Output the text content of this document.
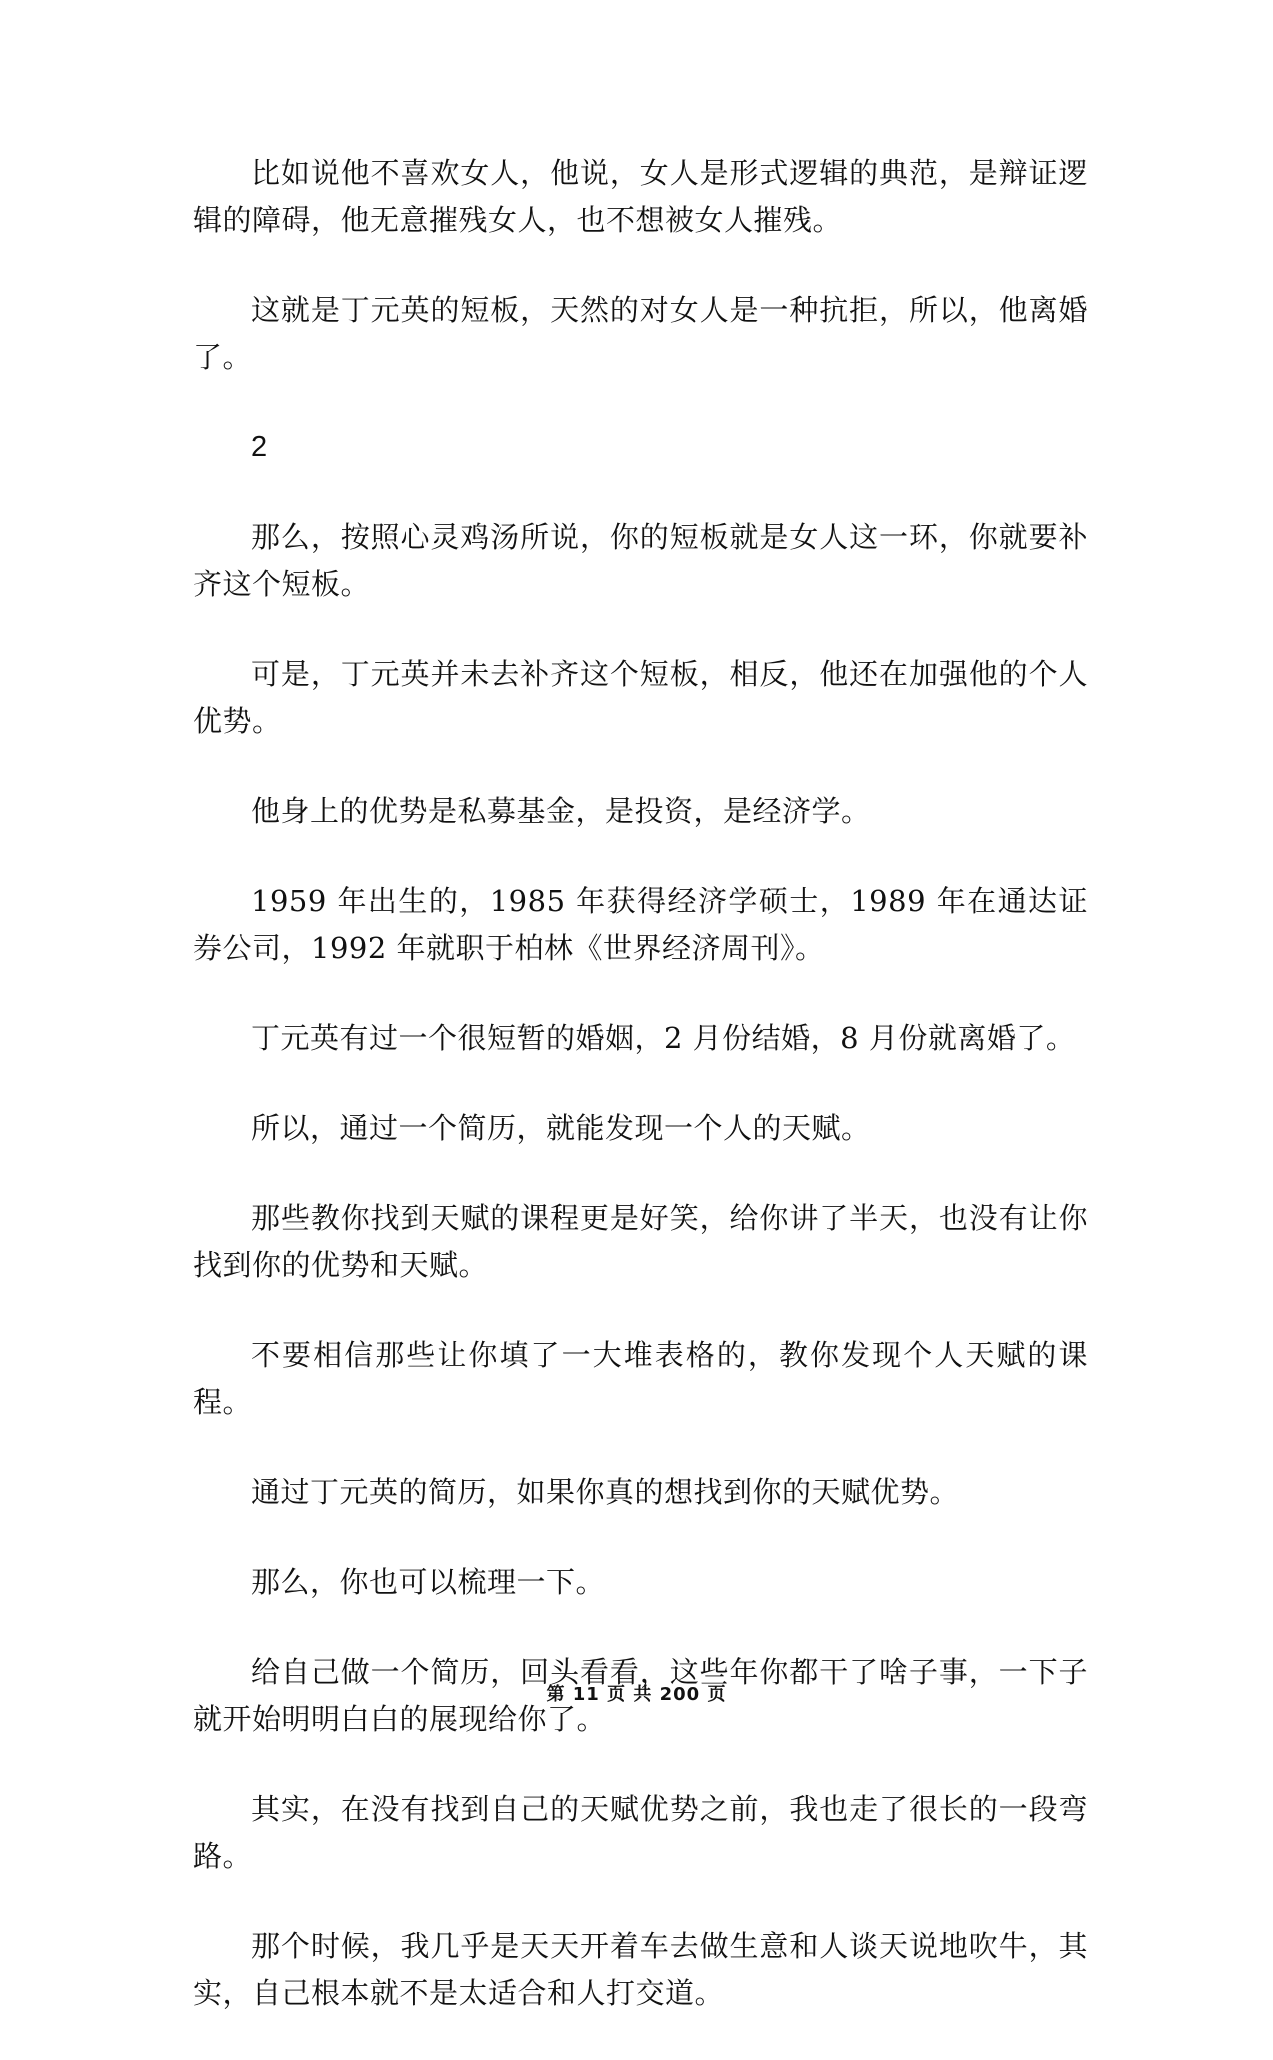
比如说他不喜欢女人，他说，女人是形式逻辑的典范，是辩证逻辑的障碍，他无意摧残女人，也不想被女人摧残。

这就是丁元英的短板，天然的对女人是一种抗拒，所以，他离婚了。

2

那么，按照心灵鸡汤所说，你的短板就是女人这一环，你就要补齐这个短板。

可是，丁元英并未去补齐这个短板，相反，他还在加强他的个人优势。

他身上的优势是私募基金，是投资，是经济学。

1959 年出生的，1985 年获得经济学硕士，1989 年在通达证券公司，1992 年就职于柏林《世界经济周刊》。

丁元英有过一个很短暂的婚姻，2 月份结婚，8 月份就离婚了。

所以，通过一个简历，就能发现一个人的天赋。

那些教你找到天赋的课程更是好笑，给你讲了半天，也没有让你找到你的优势和天赋。

不要相信那些让你填了一大堆表格的，教你发现个人天赋的课程。

通过丁元英的简历，如果你真的想找到你的天赋优势。

那么，你也可以梳理一下。

给自己做一个简历，回头看看，这些年你都干了啥子事，一下子就开始明明白白的展现给你了。

其实，在没有找到自己的天赋优势之前，我也走了很长的一段弯路。

那个时候，我几乎是天天开着车去做生意和人谈天说地吹牛，其实，自己根本就不是太适合和人打交道。

第 11 页 共 200 页
